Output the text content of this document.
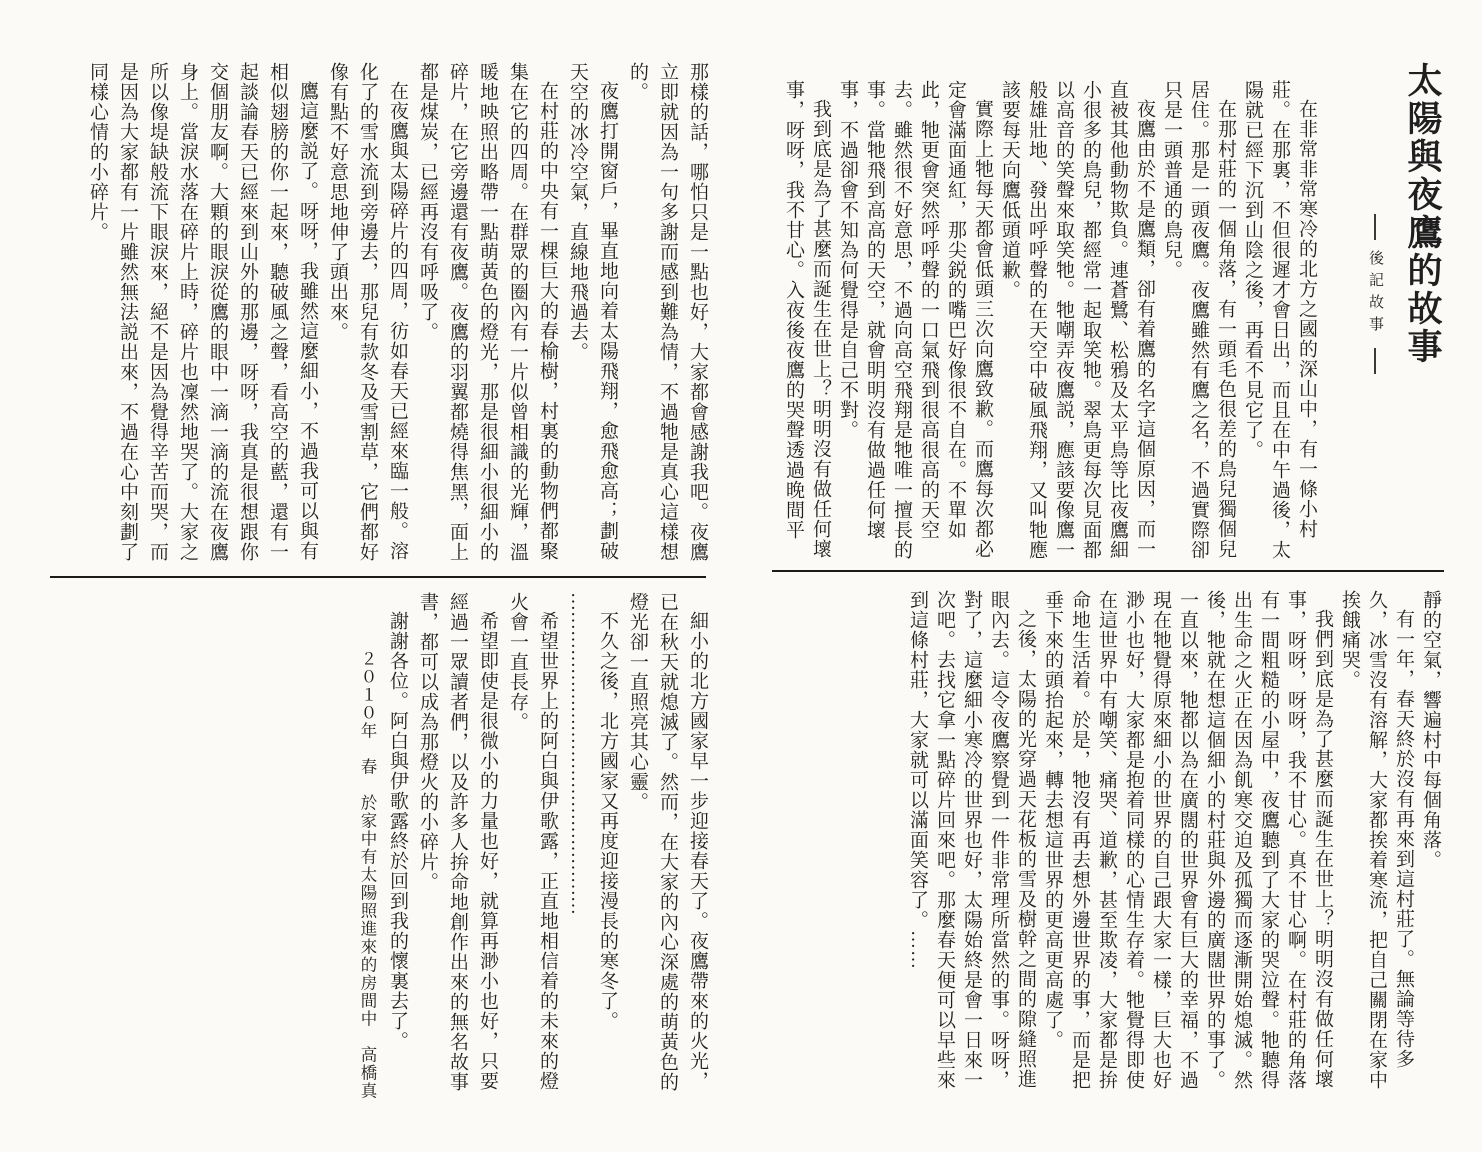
太陽與夜鷹的故事
後記故事

在非常非常寒冷的北方之國的深山中，有一條小村莊。在那裏，不但很遲才會日出，而且在中午過後，太陽就已經下沉到山陰之後，再看不見它了。

在那村莊的一個角落，有一頭毛色很差的鳥兒獨個兒居住。那是一頭夜鷹。夜鷹雖然有鷹之名，不過實際卻只是一頭普通的鳥兒。

夜鷹由於不是鷹類，卻有着鷹的名字這個原因，而一直被其他動物欺負。連蒼鷺、松鴉及太平鳥等比夜鷹細小很多的鳥兒，都經常一起取笑牠。翠鳥更每次見面都以高音的笑聲來取笑牠。牠嘲弄夜鷹説，應該要像鷹一般雄壯地、發出呼呼聲的在天空中破風飛翔，又叫牠應該要每天向鷹低頭道歉。

實際上牠每天都會低頭三次向鷹致歉。而鷹每次都必定會滿面通紅，那尖鋭的嘴巴好像很不自在。不單如此，牠更會突然呼呼聲的一口氣飛到很高很高的天空去。雖然很不好意思，不過向高空飛翔是牠唯一擅長的事。當牠飛到高高的天空，就會明明沒有做過任何壞事，不過卻會不知為何覺得是自己不對。

我到底是為了甚麼而誕生在世上？明明沒有做任何壞事，呀呀，我不甘心。入夜後夜鷹的哭聲透過晚間平

靜的空氣，響遍村中每個角落。

有一年，春天終於沒有再來到這村莊了。無論等待多久，冰雪沒有溶解，大家都挨着寒流，把自己關閉在家中挨餓痛哭。

我們到底是為了甚麼而誕生在世上？明明沒有做任何壞事，呀呀，呀呀，我不甘心。真不甘心啊。在村莊的角落有一間粗糙的小屋中，夜鷹聽到了大家的哭泣聲。牠聽得出生命之火正在因為飢寒交迫及孤獨而逐漸開始熄滅。然後，牠就在想這個細小的村莊與外邊的廣闊世界的事了。一直以來，牠都以為在廣闊的世界會有巨大的幸福，不過現在牠覺得原來細小的世界的自己跟大家一樣，巨大也好渺小也好，大家都是抱着同樣的心情生存着。牠覺得即使在這世界中有嘲笑、痛哭、道歉，甚至欺凌，大家都是拚命地生活着。於是，牠沒有再去想外邊世界的事，而是把垂下來的頭抬起來，轉去想這世界的更高更高處了。

之後，太陽的光穿過天花板的雪及樹幹之間的隙縫照進眼內去。這令夜鷹察覺到一件非常理所當然的事。呀呀，對了，這麼細小寒冷的世界也好，太陽始終是會一日來一次吧。去找它拿一點碎片回來吧。那麼春天便可以早些來到這條村莊，大家就可以滿面笑容了。……

那樣的話，哪怕只是一點也好，大家都會感謝我吧。夜鷹立即就因為一句多謝而感到難為情，不過牠是真心這樣想的。

夜鷹打開窗戶，畢直地向着太陽飛翔，愈飛愈高；劃破天空的冰冷空氣，直線地飛過去。

在村莊的中央有一棵巨大的春榆樹，村裏的動物們都聚集在它的四周。在群眾的圈內有一片似曾相識的光輝，溫暖地映照出略帶一點萌黃色的燈光，那是很細小很細小的碎片，在它旁邊還有夜鷹。夜鷹的羽翼都燒得焦黑，面上都是煤炭，已經再沒有呼吸了。

在夜鷹與太陽碎片的四周，彷如春天已經來臨一般。溶化了的雪水流到旁邊去，那兒有款冬及雪割草，它們都好像有點不好意思地伸了頭出來。

鷹這麼説了。呀呀，我雖然這麼細小，不過我可以與有相似翅膀的你一起來，聽破風之聲，看高空的藍，還有一起談論春天已經來到山外的那邊，呀呀，我真是很想跟你交個朋友啊。大顆的眼淚從鷹的眼中一滴一滴的流在夜鷹身上。當淚水落在碎片上時，碎片也凜然地哭了。大家之所以像堤缺般流下眼淚來，絕不是因為覺得辛苦而哭，而是因為大家都有一片雖然無法説出來，不過在心中刻劃了同樣心情的小碎片。

細小的北方國家早一步迎接春天了。夜鷹帶來的火光，已在秋天就熄滅了。然而，在大家的內心深處的萌黃色的燈光卻一直照亮其心靈。

不久之後，北方國家又再度迎接漫長的寒冬了。

……………………………………………

希望世界上的阿白與伊歌露，正直地相信着的未來的燈火會一直長存。

希望即使是很微小的力量也好，就算再渺小也好，只要經過一眾讀者們，以及許多人拚命地創作出來的無名故事書，都可以成為那燈火的小碎片。

謝謝各位。阿白與伊歌露終於回到我的懷裏去了。

２０１０年　春　於家中有太陽照進來的房間中　高橋真
